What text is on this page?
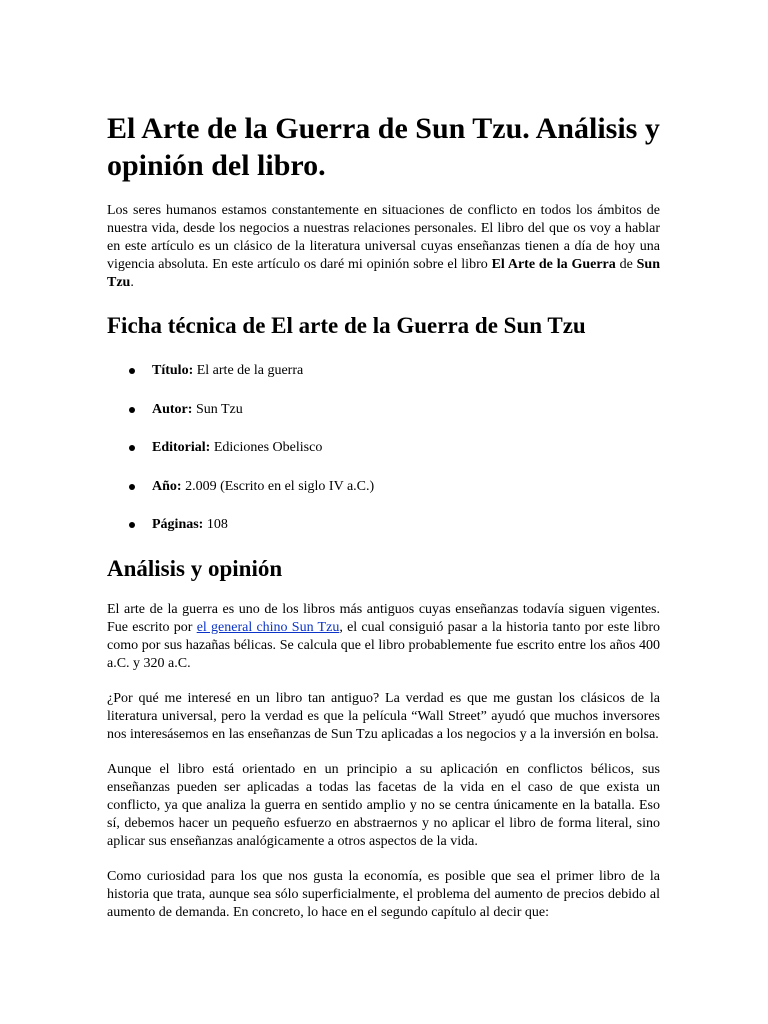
El Arte de la Guerra de Sun Tzu. Análisis y opinión del libro.

Los seres humanos estamos constantemente en situaciones de conflicto en todos los ámbitos de nuestra vida, desde los negocios a nuestras relaciones personales. El libro del que os voy a hablar en este artículo es un clásico de la literatura universal cuyas enseñanzas tienen a día de hoy una vigencia absoluta. En este artículo os daré mi opinión sobre el libro El Arte de la Guerra de Sun Tzu.

Ficha técnica de El arte de la Guerra de Sun Tzu
Título: El arte de la guerra
Autor: Sun Tzu
Editorial: Ediciones Obelisco
Año: 2.009 (Escrito en el siglo IV a.C.)
Páginas: 108
Análisis y opinión

El arte de la guerra es uno de los libros más antiguos cuyas enseñanzas todavía siguen vigentes. Fue escrito por el general chino Sun Tzu, el cual consiguió pasar a la historia tanto por este libro como por sus hazañas bélicas. Se calcula que el libro probablemente fue escrito entre los años 400 a.C. y 320 a.C.

¿Por qué me interesé en un libro tan antiguo? La verdad es que me gustan los clásicos de la literatura universal, pero la verdad es que la película “Wall Street” ayudó que muchos inversores nos interesásemos en las enseñanzas de Sun Tzu aplicadas a los negocios y a la inversión en bolsa.

Aunque el libro está orientado en un principio a su aplicación en conflictos bélicos, sus enseñanzas pueden ser aplicadas a todas las facetas de la vida en el caso de que exista un conflicto, ya que analiza la guerra en sentido amplio y no se centra únicamente en la batalla. Eso sí, debemos hacer un pequeño esfuerzo en abstraernos y no aplicar el libro de forma literal, sino aplicar sus enseñanzas analógicamente a otros aspectos de la vida.

Como curiosidad para los que nos gusta la economía, es posible que sea el primer libro de la historia que trata, aunque sea sólo superficialmente, el problema del aumento de precios debido al aumento de demanda. En concreto, lo hace en el segundo capítulo al decir que:
